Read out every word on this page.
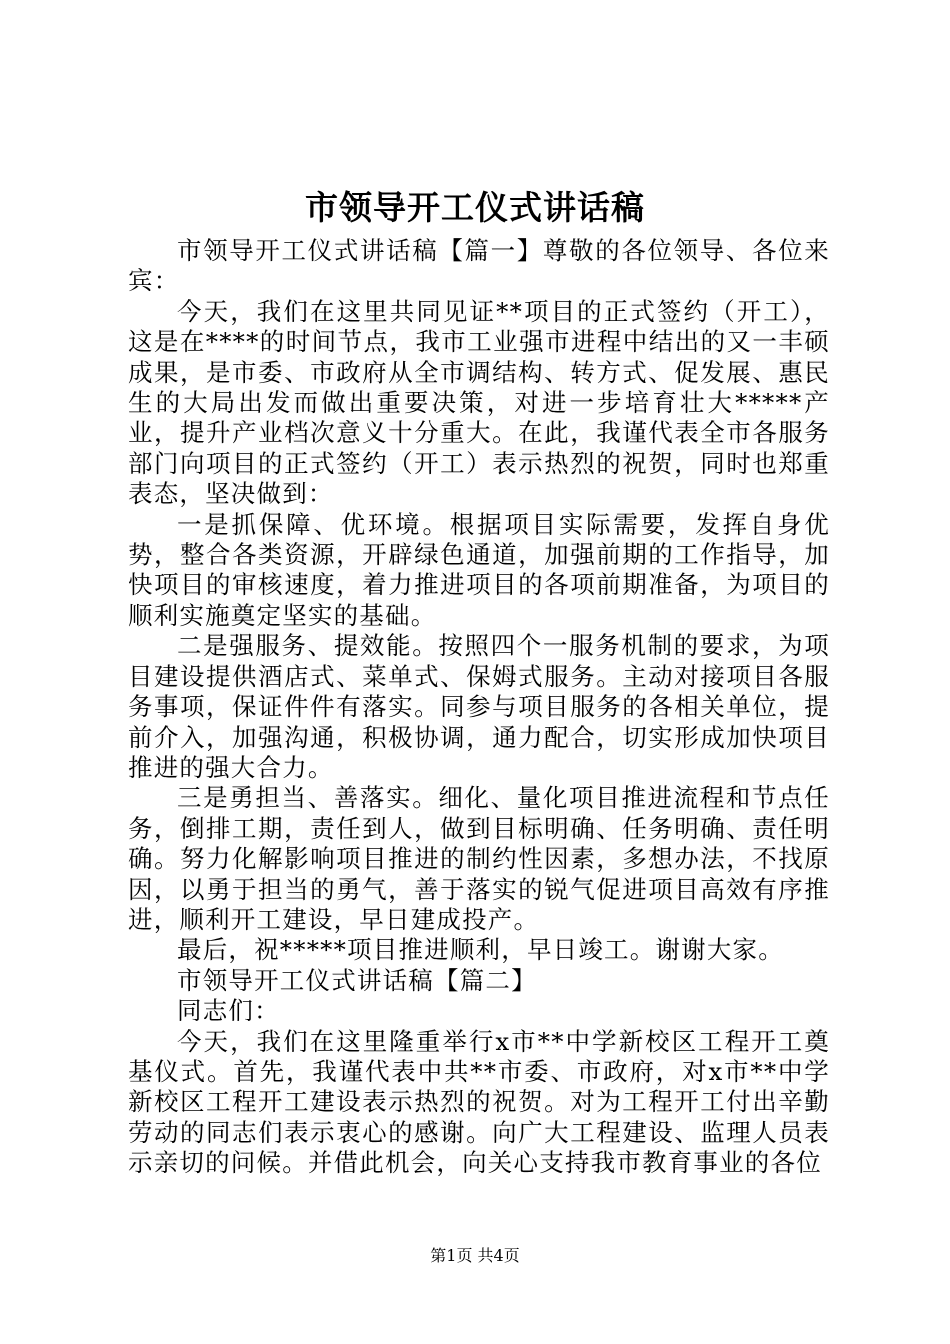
市领导开工仪式讲话稿

市领导开工仪式讲话稿【篇一】尊敬的各位领导、各位来宾：

今天，我们在这里共同见证**项目的正式签约（开工），这是在****的时间节点，我市工业强市进程中结出的又一丰硕成果，是市委、市政府从全市调结构、转方式、促发展、惠民生的大局出发而做出重要决策，对进一步培育壮大*****产业，提升产业档次意义十分重大。在此，我谨代表全市各服务部门向项目的正式签约（开工）表示热烈的祝贺，同时也郑重表态，坚决做到：

一是抓保障、优环境。根据项目实际需要，发挥自身优势，整合各类资源，开辟绿色通道，加强前期的工作指导，加快项目的审核速度，着力推进项目的各项前期准备，为项目的顺利实施奠定坚实的基础。

二是强服务、提效能。按照四个一服务机制的要求，为项目建设提供酒店式、菜单式、保姆式服务。主动对接项目各服务事项，保证件件有落实。同参与项目服务的各相关单位，提前介入，加强沟通，积极协调，通力配合，切实形成加快项目推进的强大合力。

三是勇担当、善落实。细化、量化项目推进流程和节点任务，倒排工期，责任到人，做到目标明确、任务明确、责任明确。努力化解影响项目推进的制约性因素，多想办法，不找原因，以勇于担当的勇气，善于落实的锐气促进项目高效有序推进，顺利开工建设，早日建成投产。

最后，祝*****项目推进顺利，早日竣工。谢谢大家。

市领导开工仪式讲话稿【篇二】

同志们：

今天，我们在这里隆重举行x市**中学新校区工程开工奠基仪式。首先，我谨代表中共**市委、市政府，对x市**中学新校区工程开工建设表示热烈的祝贺。对为工程开工付出辛勤劳动的同志们表示衷心的感谢。向广大工程建设、监理人员表示亲切的问候。并借此机会，向关心支持我市教育事业的各位

第1页 共4页
